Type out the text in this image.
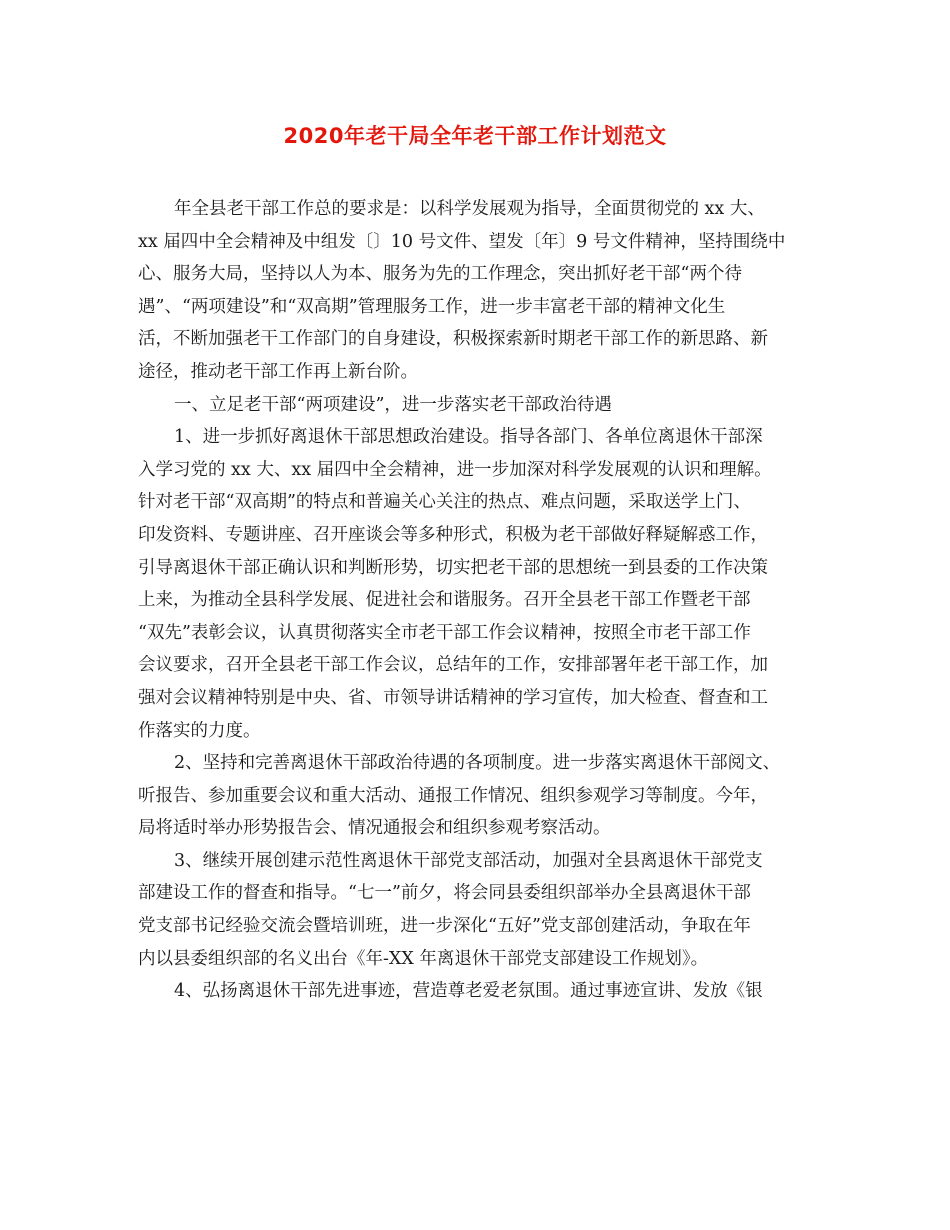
2020年老干局全年老干部工作计划范文
年全县老干部工作总的要求是：以科学发展观为指导，全面贯彻党的 xx 大、
xx 届四中全会精神及中组发〔〕10 号文件、望发〔年〕9 号文件精神，坚持围绕中
心、服务大局，坚持以人为本、服务为先的工作理念，突出抓好老干部“两个待
遇”、“两项建设”和“双高期”管理服务工作，进一步丰富老干部的精神文化生
活，不断加强老干工作部门的自身建设，积极探索新时期老干部工作的新思路、新
途径，推动老干部工作再上新台阶。
一、立足老干部“两项建设”，进一步落实老干部政治待遇
1、进一步抓好离退休干部思想政治建设。指导各部门、各单位离退休干部深
入学习党的 xx 大、xx 届四中全会精神，进一步加深对科学发展观的认识和理解。
针对老干部“双高期”的特点和普遍关心关注的热点、难点问题，采取送学上门、
印发资料、专题讲座、召开座谈会等多种形式，积极为老干部做好释疑解惑工作，
引导离退休干部正确认识和判断形势，切实把老干部的思想统一到县委的工作决策
上来，为推动全县科学发展、促进社会和谐服务。召开全县老干部工作暨老干部
“双先”表彰会议，认真贯彻落实全市老干部工作会议精神，按照全市老干部工作
会议要求，召开全县老干部工作会议，总结年的工作，安排部署年老干部工作，加
强对会议精神特别是中央、省、市领导讲话精神的学习宣传，加大检查、督查和工
作落实的力度。
2、坚持和完善离退休干部政治待遇的各项制度。进一步落实离退休干部阅文、
听报告、参加重要会议和重大活动、通报工作情况、组织参观学习等制度。今年，
局将适时举办形势报告会、情况通报会和组织参观考察活动。
3、继续开展创建示范性离退休干部党支部活动，加强对全县离退休干部党支
部建设工作的督查和指导。“七一”前夕，将会同县委组织部举办全县离退休干部
党支部书记经验交流会暨培训班，进一步深化“五好”党支部创建活动，争取在年
内以县委组织部的名义出台《年-XX 年离退休干部党支部建设工作规划》。
4、弘扬离退休干部先进事迹，营造尊老爱老氛围。通过事迹宣讲、发放《银
